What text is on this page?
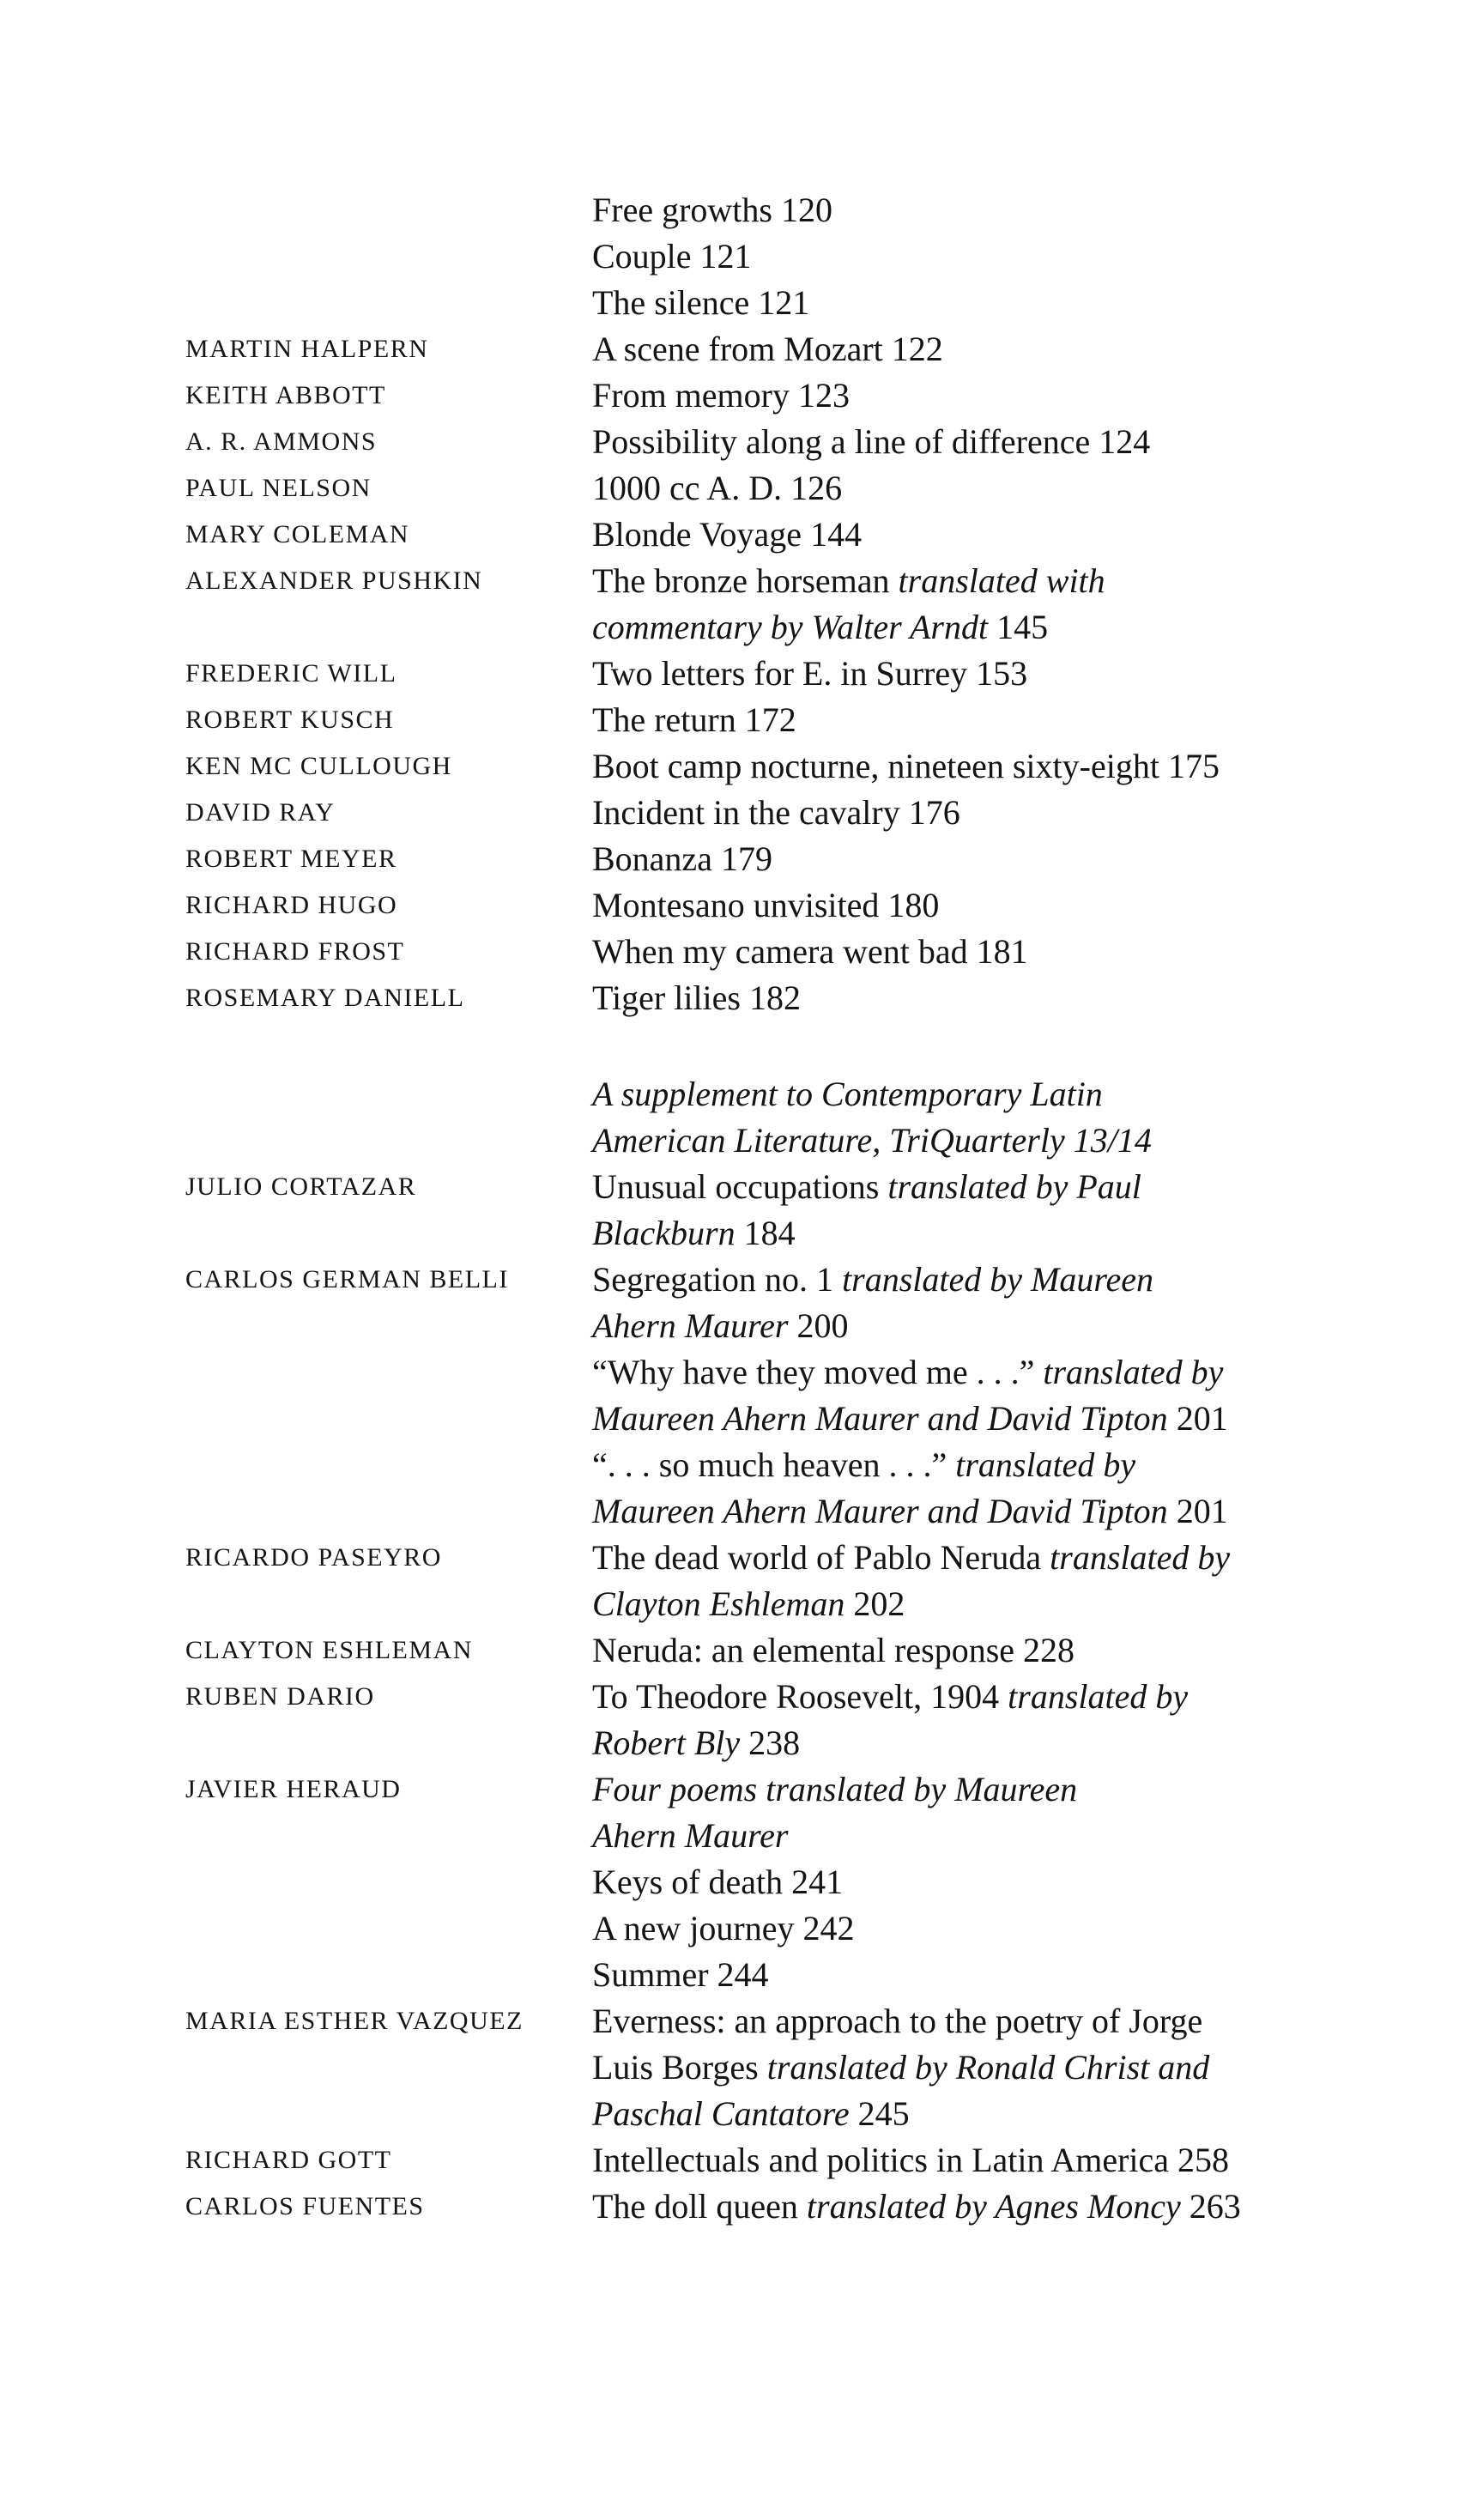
Free growths 120
Couple 121
The silence 121
MARTIN HALPERN	A scene from Mozart 122
KEITH ABBOTT	From memory 123
A. R. AMMONS	Possibility along a line of difference 124
PAUL NELSON	1000 cc A. D. 126
MARY COLEMAN	Blonde Voyage 144
ALEXANDER PUSHKIN	The bronze horseman translated with
commentary by Walter Arndt 145
FREDERIC WILL	Two letters for E. in Surrey 153
ROBERT KUSCH	The return 172
KEN MC CULLOUGH	Boot camp nocturne, nineteen sixty-eight 175
DAVID RAY	Incident in the cavalry 176
ROBERT MEYER	Bonanza 179
RICHARD HUGO	Montesano unvisited 180
RICHARD FROST	When my camera went bad 181
ROSEMARY DANIELL	Tiger lilies 182
A supplement to Contemporary Latin
American Literature, TriQuarterly 13/14
JULIO CORTAZAR	Unusual occupations translated by Paul
Blackburn 184
CARLOS GERMAN BELLI	Segregation no. 1 translated by Maureen
Ahern Maurer 200
“Why have they moved me . . .” translated by
Maureen Ahern Maurer and David Tipton 201
“. . . so much heaven . . .” translated by
Maureen Ahern Maurer and David Tipton 201
RICARDO PASEYRO	The dead world of Pablo Neruda translated by
Clayton Eshleman 202
CLAYTON ESHLEMAN	Neruda: an elemental response 228
RUBEN DARIO	To Theodore Roosevelt, 1904 translated by
Robert Bly 238
JAVIER HERAUD	Four poems translated by Maureen
Ahern Maurer
Keys of death 241
A new journey 242
Summer 244
MARIA ESTHER VAZQUEZ	Everness: an approach to the poetry of Jorge
Luis Borges translated by Ronald Christ and
Paschal Cantatore 245
RICHARD GOTT	Intellectuals and politics in Latin America 258
CARLOS FUENTES	The doll queen translated by Agnes Moncy 263
